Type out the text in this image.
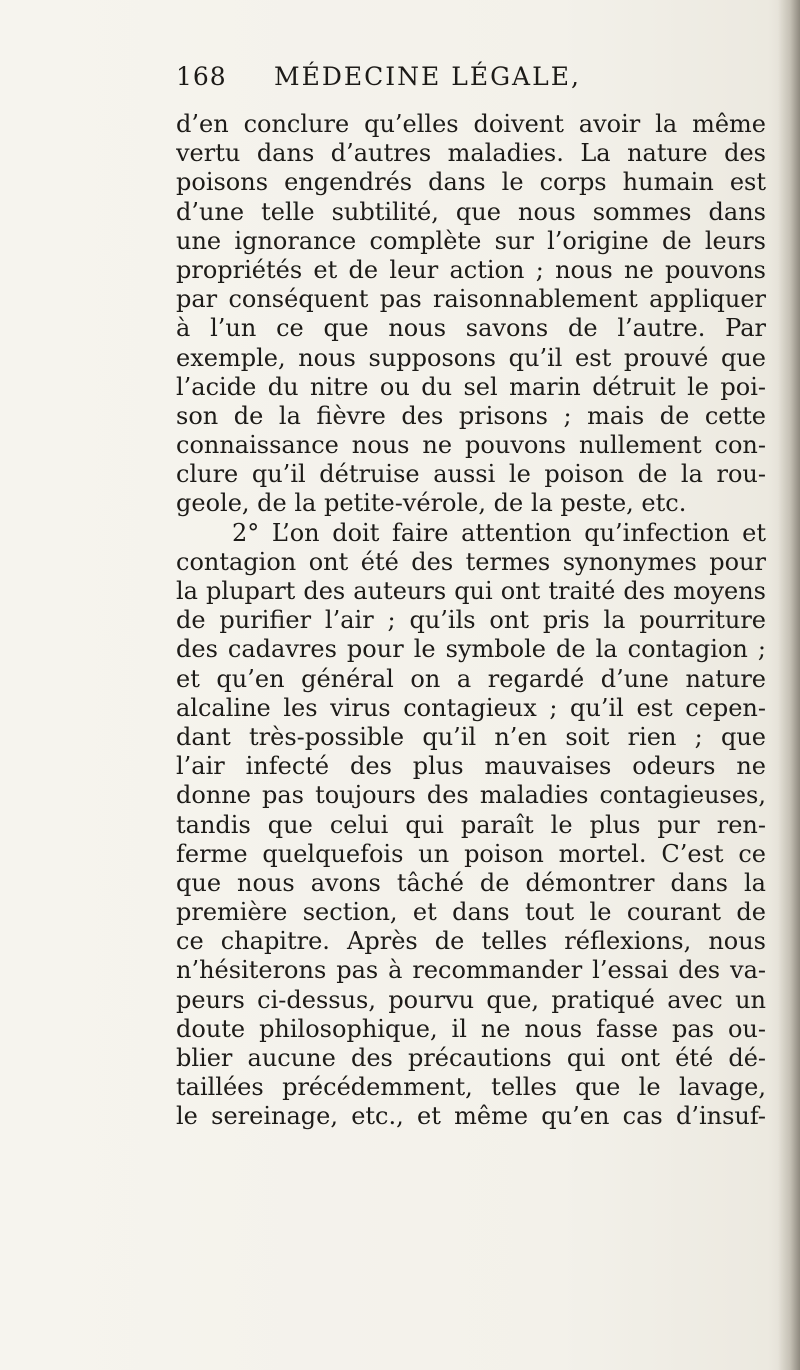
168 MÉDECINE LÉGALE,
d’en conclure qu’elles doivent avoir la même
vertu dans d’autres maladies. La nature des
poisons engendrés dans le corps humain est
d’une telle subtilité, que nous sommes dans
une ignorance complète sur l’origine de leurs
propriétés et de leur action ; nous ne pouvons
par conséquent pas raisonnablement appliquer
à l’un ce que nous savons de l’autre. Par
exemple, nous supposons qu’il est prouvé que
l’acide du nitre ou du sel marin détruit le poi-
son de la fièvre des prisons ; mais de cette
connaissance nous ne pouvons nullement con-
clure qu’il détruise aussi le poison de la rou-
geole, de la petite-vérole, de la peste, etc.
2° L’on doit faire attention qu’infection et
contagion ont été des termes synonymes pour
la plupart des auteurs qui ont traité des moyens
de purifier l’air ; qu’ils ont pris la pourriture
des cadavres pour le symbole de la contagion ;
et qu’en général on a regardé d’une nature
alcaline les virus contagieux ; qu’il est cepen-
dant très-possible qu’il n’en soit rien ; que
l’air infecté des plus mauvaises odeurs ne
donne pas toujours des maladies contagieuses,
tandis que celui qui paraît le plus pur ren-
ferme quelquefois un poison mortel. C’est ce
que nous avons tâché de démontrer dans la
première section, et dans tout le courant de
ce chapitre. Après de telles réflexions, nous
n’hésiterons pas à recommander l’essai des va-
peurs ci-dessus, pourvu que, pratiqué avec un
doute philosophique, il ne nous fasse pas ou-
blier aucune des précautions qui ont été dé-
taillées précédemment, telles que le lavage,
le sereinage, etc., et même qu’en cas d’insuf-
